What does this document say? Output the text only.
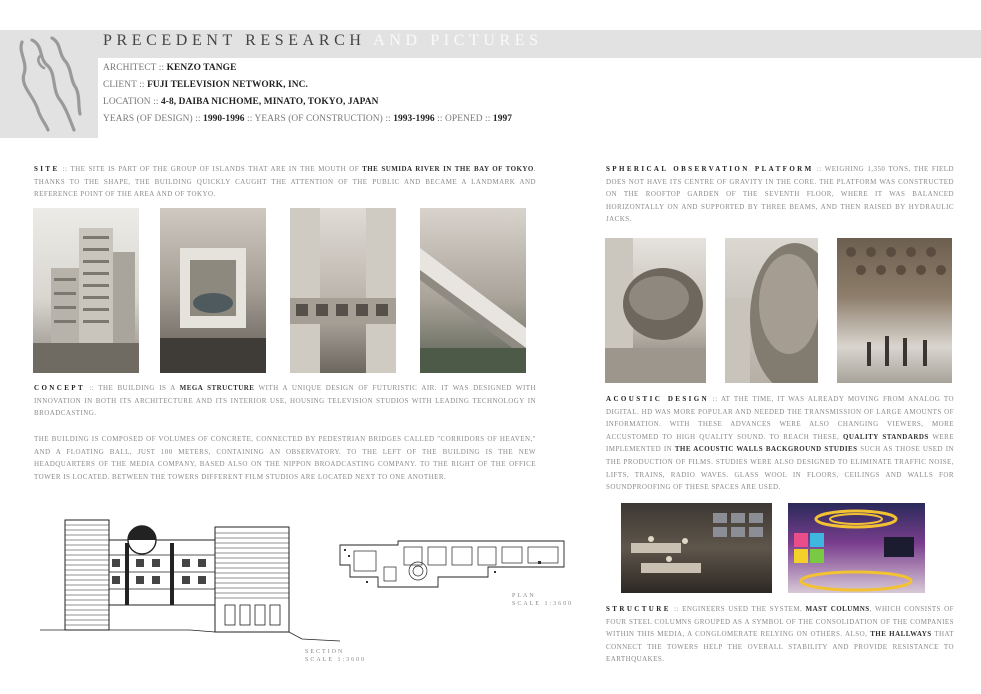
PRECEDENT RESEARCH AND PICTURES
ARCHITECT :: KENZO TANGE
CLIENT :: FUJI TELEVISION NETWORK, INC.
LOCATION :: 4-8, DAIBA NICHOME, MINATO, TOKYO, JAPAN
YEARS (OF DESIGN) :: 1990-1996 :: YEARS (OF CONSTRUCTION) :: 1993-1996 :: OPENED :: 1997
SITE :: THE SITE IS PART OF THE GROUP OF ISLANDS THAT ARE IN THE MOUTH OF THE SUMIDA RIVER IN THE BAY OF TOKYO. THANKS TO THE SHAPE, THE BUILDING QUICKLY CAUGHT THE ATTENTION OF THE PUBLIC AND BECAME A LANDMARK AND REFERENCE POINT OF THE AREA AND OF TOKYO.
CONCEPT :: THE BUILDING IS A MEGA STRUCTURE WITH A UNIQUE DESIGN OF FUTURISTIC AIR. IT WAS DESIGNED WITH INNOVATION IN BOTH ITS ARCHITECTURE AND ITS INTERIOR USE, HOUSING TELEVISION STUDIOS WITH LEADING TECHNOLOGY IN BROADCASTING.
THE BUILDING IS COMPOSED OF VOLUMES OF CONCRETE, CONNECTED BY PEDESTRIAN BRIDGES CALLED "CORRIDORS OF HEAVEN," AND A FLOATING BALL, JUST 100 METERS, CONTAINING AN OBSERVATORY. TO THE LEFT OF THE BUILDING IS THE NEW HEADQUARTERS OF THE MEDIA COMPANY, BASED ALSO ON THE NIPPON BROADCASTING COMPANY. TO THE RIGHT OF THE OFFICE TOWER IS LOCATED. BETWEEN THE TOWERS DIFFERENT FILM STUDIOS ARE LOCATED NEXT TO ONE ANOTHER.
SECTION
SCALE 1:3600
PLAN
SCALE 1:3600
SPHERICAL OBSERVATION PLATFORM :: WEIGHING 1,350 TONS, THE FIELD DOES NOT HAVE ITS CENTRE OF GRAVITY IN THE CORE. THE PLATFORM WAS CONSTRUCTED ON THE ROOFTOP GARDEN OF THE SEVENTH FLOOR, WHERE IT WAS BALANCED HORIZONTALLY ON AND SUPPORTED BY THREE BEAMS, AND THEN RAISED BY HYDRAULIC JACKS.
ACOUSTIC DESIGN :: AT THE TIME, IT WAS ALREADY MOVING FROM ANALOG TO DIGITAL. HD WAS MORE POPULAR AND NEEDED THE TRANSMISSION OF LARGE AMOUNTS OF INFORMATION. WITH THESE ADVANCES WERE ALSO CHANGING VIEWERS, MORE ACCUSTOMED TO HIGH QUALITY SOUND. TO REACH THESE, QUALITY STANDARDS WERE IMPLEMENTED IN THE ACOUSTIC WALLS BACKGROUND STUDIES SUCH AS THOSE USED IN THE PRODUCTION OF FILMS. STUDIES WERE ALSO DESIGNED TO ELIMINATE TRAFFIC NOISE, LIFTS, TRAINS, RADIO WAVES. GLASS WOOL IN FLOORS, CEILINGS AND WALLS FOR SOUNDPROOFING OF THESE SPACES ARE USED.
STRUCTURE :: ENGINEERS USED THE SYSTEM, MAST COLUMNS, WHICH CONSISTS OF FOUR STEEL COLUMNS GROUPED AS A SYMBOL OF THE CONSOLIDATION OF THE COMPANIES WITHIN THIS MEDIA, A CONGLOMERATE RELYING ON OTHERS. ALSO, THE HALLWAYS THAT CONNECT THE TOWERS HELP THE OVERALL STABILITY AND PROVIDE RESISTANCE TO EARTHQUAKES.
